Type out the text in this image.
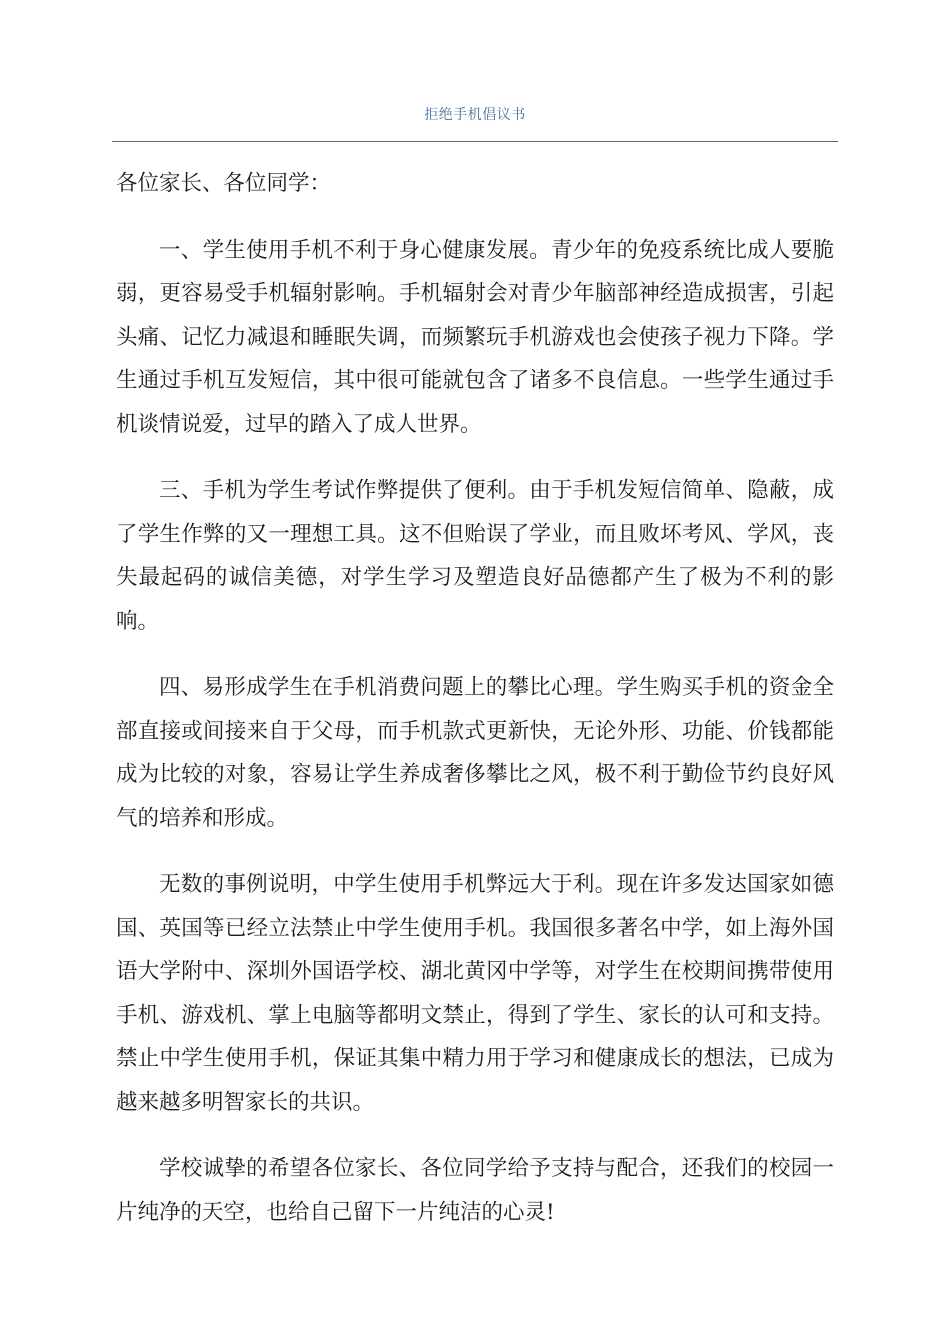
拒绝手机倡议书

各位家长、各位同学：

一、学生使用手机不利于身心健康发展。青少年的免疫系统比成人要脆弱，更容易受手机辐射影响。手机辐射会对青少年脑部神经造成损害，引起头痛、记忆力减退和睡眠失调，而频繁玩手机游戏也会使孩子视力下降。学生通过手机互发短信，其中很可能就包含了诸多不良信息。一些学生通过手机谈情说爱，过早的踏入了成人世界。

三、手机为学生考试作弊提供了便利。由于手机发短信简单、隐蔽，成了学生作弊的又一理想工具。这不但贻误了学业，而且败坏考风、学风，丧失最起码的诚信美德，对学生学习及塑造良好品德都产生了极为不利的影响。

四、易形成学生在手机消费问题上的攀比心理。学生购买手机的资金全部直接或间接来自于父母，而手机款式更新快，无论外形、功能、价钱都能成为比较的对象，容易让学生养成奢侈攀比之风，极不利于勤俭节约良好风气的培养和形成。

无数的事例说明，中学生使用手机弊远大于利。现在许多发达国家如德国、英国等已经立法禁止中学生使用手机。我国很多著名中学，如上海外国语大学附中、深圳外国语学校、湖北黄冈中学等，对学生在校期间携带使用手机、游戏机、掌上电脑等都明文禁止，得到了学生、家长的认可和支持。禁止中学生使用手机，保证其集中精力用于学习和健康成长的想法，已成为越来越多明智家长的共识。

学校诚挚的希望各位家长、各位同学给予支持与配合，还我们的校园一片纯净的天空，也给自己留下一片纯洁的心灵!
